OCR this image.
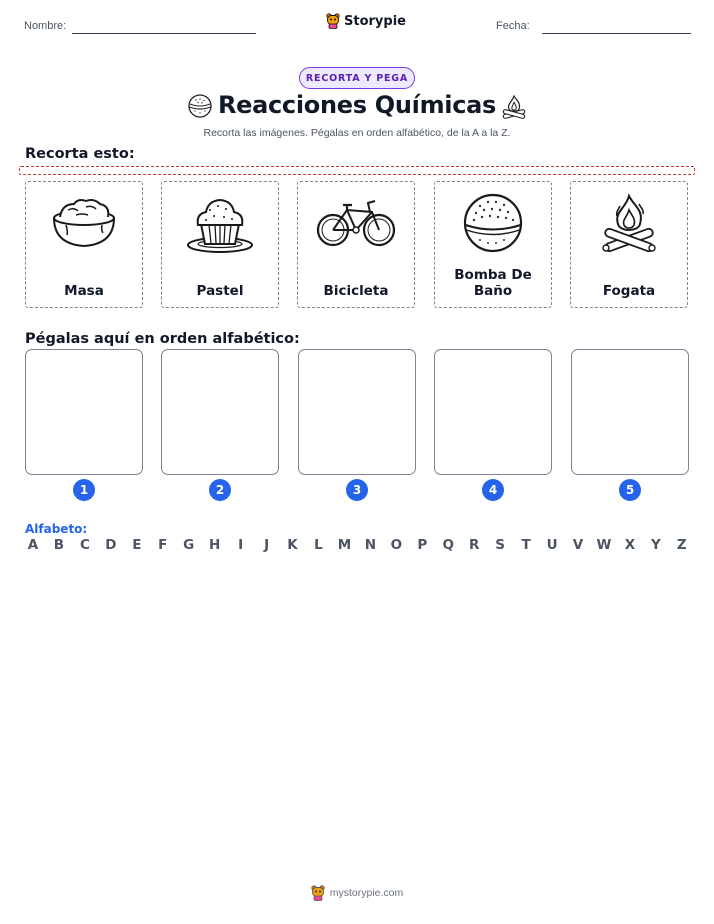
Nombre:	Storypie	Fecha:
RECORTA Y PEGA
Reacciones Químicas
Recorta las imágenes. Pégalas en orden alfabético, de la A a la Z.
Recorta esto:
Masa	Pastel	Bicicleta
Bomba De Baño	Fogata
Pégalas aquí en orden alfabético:
1	2	3	4	5
Alfabeto:
A B C D E F G H	I	J	K L M N O P Q R S T U V W X Y Z
mystorypie.com
